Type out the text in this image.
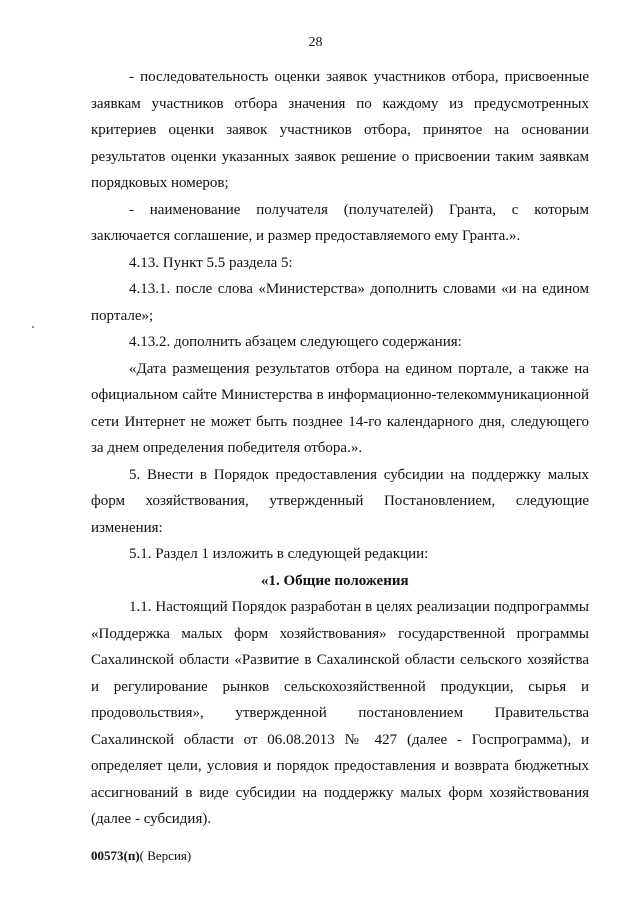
28

- последовательность оценки заявок участников отбора, присвоенные заявкам участников отбора значения по каждому из предусмотренных критериев оценки заявок участников отбора, принятое на основании результатов оценки указанных заявок решение о присвоении таким заявкам порядковых номеров;

- наименование получателя (получателей) Гранта, с которым заключается соглашение, и размер предоставляемого ему Гранта.».

4.13. Пункт 5.5 раздела 5:

4.13.1. после слова «Министерства» дополнить словами «и на едином портале»;

4.13.2. дополнить абзацем следующего содержания:

«Дата размещения результатов отбора на едином портале, а также на официальном сайте Министерства в информационно-телекоммуникационной сети Интернет не может быть позднее 14-го календарного дня, следующего за днем определения победителя отбора.».

5. Внести в Порядок предоставления субсидии на поддержку малых форм хозяйствования, утвержденный Постановлением, следующие изменения:

5.1. Раздел 1 изложить в следующей редакции:

«1. Общие положения

1.1. Настоящий Порядок разработан в целях реализации подпрограммы «Поддержка малых форм хозяйствования» государственной программы Сахалинской области «Развитие в Сахалинской области сельского хозяйства и регулирование рынков сельскохозяйственной продукции, сырья и продовольствия», утвержденной постановлением Правительства Сахалинской области от 06.08.2013 № 427 (далее - Госпрограмма), и определяет цели, условия и порядок предоставления и возврата бюджетных ассигнований в виде субсидии на поддержку малых форм хозяйствования (далее - субсидия).

00573(п)( Версия)
